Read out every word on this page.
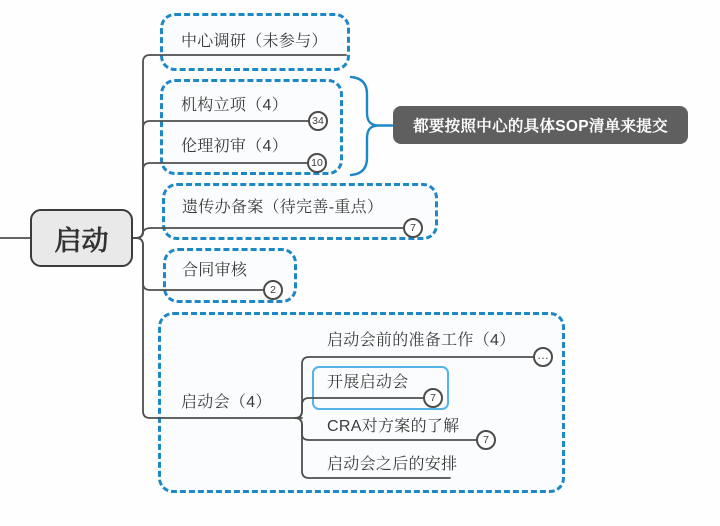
启动
中心调研（未参与）
机构立项（4）
伦理初审（4）
遗传办备案（待完善-重点）
合同审核
启动会（4）
启动会前的准备工作（4）
开展启动会
CRA对方案的了解
启动会之后的安排
34
10
7
2
…
7
7
都要按照中心的具体SOP清单来提交
